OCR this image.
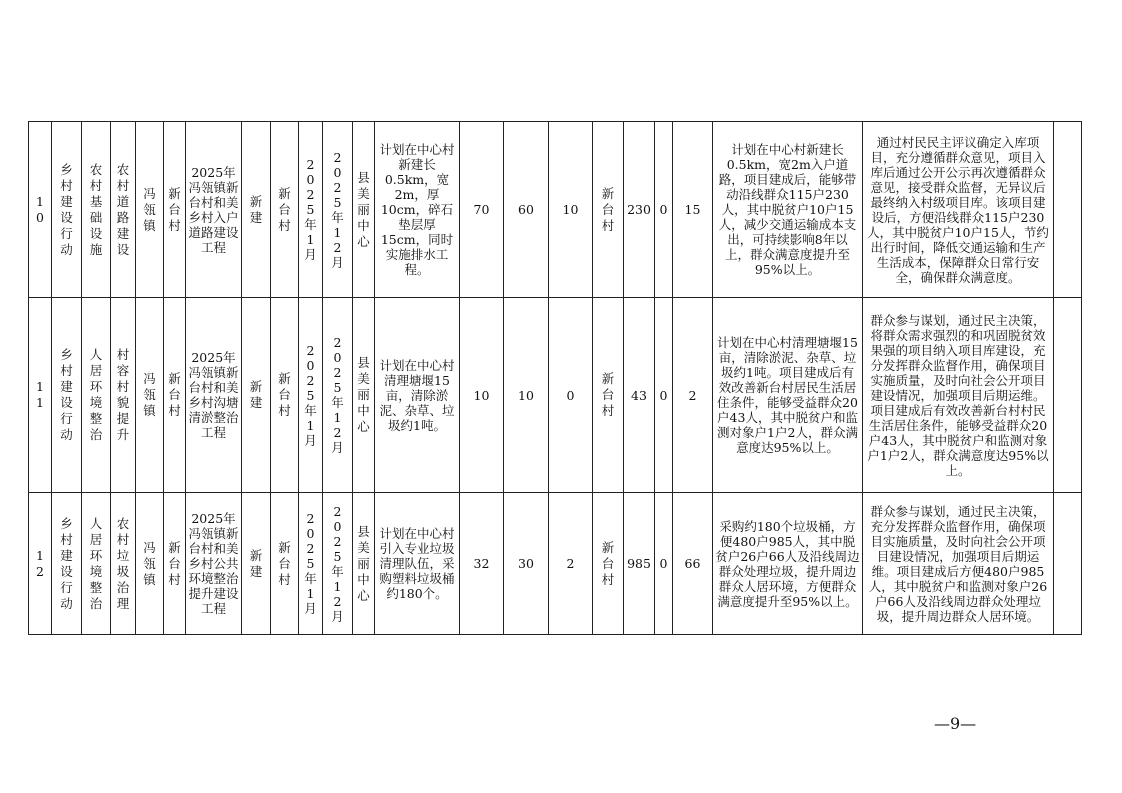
10	乡村建设行动	农村基础设施	农村道路建设	冯瓴镇	新台村	2025年冯瓴镇新台村和美乡村入户道路建设工程	新建	新台村	2025年1月	2025年12月	县美丽中心	计划在中心村新建长0.5km，宽2m，厚10cm，碎石垫层厚15cm，同时实施排水工程。	70	60	10	新台村	230	0	15	计划在中心村新建长0.5km，宽2m入户道路，项目建成后，能够带动沿线群众115户230人，其中脱贫户10户15人，减少交通运输成本支出，可持续影响8年以上，群众满意度提升至95%以上。	通过村民民主评议确定入库项目，充分遵循群众意见，项目入库后通过公开公示再次遵循群众意见，接受群众监督，无异议后最终纳入村级项目库。该项目建设后，方便沿线群众115户230人，其中脱贫户10户15人，节约出行时间，降低交通运输和生产生活成本，保障群众日常行安全，确保群众满意度。	

11	乡村建设行动	人居环境整治	村容村貌提升	冯瓴镇	新台村	2025年冯瓴镇新台村和美乡村沟塘清淤整治工程	新建	新台村	2025年1月	2025年12月	县美丽中心	计划在中心村清理塘堰15亩，清除淤泥、杂草、垃圾约1吨。	10	10	0	新台村	43	0	2	计划在中心村清理塘堰15亩，清除淤泥、杂草、垃圾约1吨。项目建成后有效改善新台村居民生活居住条件，能够受益群众20户43人，其中脱贫户和监测对象户1户2人，群众满意度达95%以上。	群众参与谋划，通过民主决策，将群众需求强烈的和巩固脱贫效果强的项目纳入项目库建设，充分发挥群众监督作用，确保项目实施质量，及时向社会公开项目建设情况，加强项目后期运维。项目建成后有效改善新台村村民生活居住条件，能够受益群众20户43人，其中脱贫户和监测对象户1户2人，群众满意度达95%以上。	

12	乡村建设行动	人居环境整治	农村垃圾治理	冯瓴镇	新台村	2025年冯瓴镇新台村和美乡村公共环境整治提升建设工程	新建	新台村	2025年1月	2025年12月	县美丽中心	计划在中心村引入专业垃圾清理队伍，采购塑料垃圾桶约180个。	32	30	2	新台村	985	0	66	采购约180个垃圾桶，方便480户985人，其中脱贫户26户66人及沿线周边群众处理垃圾，提升周边群众人居环境，方便群众满意度提升至95%以上。	群众参与谋划，通过民主决策，充分发挥群众监督作用，确保项目实施质量，及时向社会公开项目建设情况，加强项目后期运维。项目建成后方便480户985人，其中脱贫户和监测对象户26户66人及沿线周边群众处理垃圾，提升周边群众人居环境。	
—9—
